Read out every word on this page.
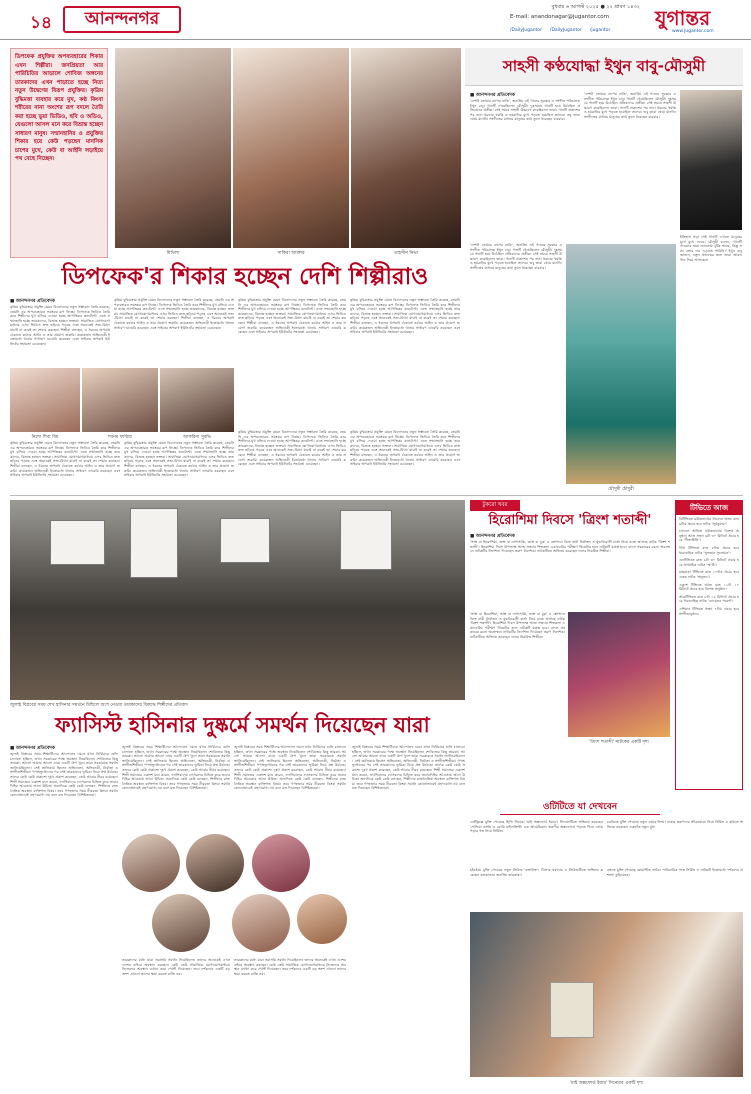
১৪	আনন্দনগর
বুধবার ৬ আগস্ট ২০২৫ ● ২২ শ্রাবণ ১৪৩২
E-mail: anandonagar@jugantor.com
/DailyJugantor /DailyJugantor /jugantor
যুগান্তর
www.jugantor.com
ডিপফেক প্রযুক্তির অপব্যবহারের শিকার এখন শিল্পীরা। জনপ্রিয়তা আর পারিচিতির আড়ালে শোবিজ অঙ্গনের তারকাদের এখন পাড়াতে হচ্ছে নিত্য নতুন উদ্বেগের বিরূপ প্রযুক্তির। কৃত্রিম বুদ্ধিমত্তা ব্যবহার করে মুখ, কণ্ঠ কিংবা শরীরের নানা অংশের রূপ বদলে তৈরি করা হচ্ছে ভুয়া ভিডিও, ছবি ও অডিও, যেগুলো আসল মনে করে বিভ্রান্ত হচ্ছেন সাধারণ মানুষ। সম্মানহানির ও প্রযুক্তির শিকার হয়ে কেউ পড়ছেন মানসিক চাপের মুখে, কেউ বা আইনি লড়াইয়ে পথ বেছে নিচ্ছেন।
মিথিলা	সাকিরা আক্তার	তাহসীন নিভা
ডিপফেক'র শিকার হচ্ছেন দেশি শিল্পীরাও
■ আনন্দনগর প্রতিবেদক
কৃত্রিম বুদ্ধিমত্তার প্রযুক্তি যেমন বিনোদনের নতুন সম্ভাবনা তৈরি করেছে, তেমনি এর অপব্যবহারও ভয়ংকর রূপ নিচ্ছে। ডিপফেক ভিডিও তৈরি করে শিল্পীদের মুখ বসিয়ে দেওয়া হচ্ছে আপত্তিকর কনটেন্টে। এতে সম্মানহানি হচ্ছে তারকাদের, বিভ্রান্ত হচ্ছেন ভক্তরা। সামাজিক যোগাযোগমাধ্যমে এসব ভিডিও দ্রুত ছড়িয়ে পড়ছে এবং অনেকেই সত্য-মিথ্যা যাচাই না করেই তা শেয়ার করছেন। শিল্পীরা বলছেন, এ ধরনের অপরাধ ঠেকাতে কঠোর আইন ও তার প্রয়োগ জরুরি। কয়েকজন অভিনেত্রী ইতোমধ্যে থানায় সাধারণ ডায়েরি করেছেন এবং সাইবার অপরাধ ইউনিটের সহায়তা চেয়েছেন।
কৃত্রিম বুদ্ধিমত্তার প্রযুক্তি যেমন বিনোদনের নতুন সম্ভাবনা তৈরি করেছে, তেমনি এর অপব্যবহারও ভয়ংকর রূপ নিচ্ছে। ডিপফেক ভিডিও তৈরি করে শিল্পীদের মুখ বসিয়ে দেওয়া হচ্ছে আপত্তিকর কনটেন্টে। এতে সম্মানহানি হচ্ছে তারকাদের, বিভ্রান্ত হচ্ছেন ভক্তরা। সামাজিক যোগাযোগমাধ্যমে এসব ভিডিও দ্রুত ছড়িয়ে পড়ছে এবং অনেকেই সত্য-মিথ্যা যাচাই না করেই তা শেয়ার করছেন। শিল্পীরা বলছেন, এ ধরনের অপরাধ ঠেকাতে কঠোর আইন ও তার প্রয়োগ জরুরি। কয়েকজন অভিনেত্রী ইতোমধ্যে থানায় সাধারণ ডায়েরি করেছেন এবং সাইবার অপরাধ ইউনিটের সহায়তা চেয়েছেন।
কৃত্রিম বুদ্ধিমত্তার প্রযুক্তি যেমন বিনোদনের নতুন সম্ভাবনা তৈরি করেছে, তেমনি এর অপব্যবহারও ভয়ংকর রূপ নিচ্ছে। ডিপফেক ভিডিও তৈরি করে শিল্পীদের মুখ বসিয়ে দেওয়া হচ্ছে আপত্তিকর কনটেন্টে। এতে সম্মানহানি হচ্ছে তারকাদের, বিভ্রান্ত হচ্ছেন ভক্তরা। সামাজিক যোগাযোগমাধ্যমে এসব ভিডিও দ্রুত ছড়িয়ে পড়ছে এবং অনেকেই সত্য-মিথ্যা যাচাই না করেই তা শেয়ার করছেন। শিল্পীরা বলছেন, এ ধরনের অপরাধ ঠেকাতে কঠোর আইন ও তার প্রয়োগ জরুরি। কয়েকজন অভিনেত্রী ইতোমধ্যে থানায় সাধারণ ডায়েরি করেছেন এবং সাইবার অপরাধ ইউনিটের সহায়তা চেয়েছেন।
কৃত্রিম বুদ্ধিমত্তার প্রযুক্তি যেমন বিনোদনের নতুন সম্ভাবনা তৈরি করেছে, তেমনি এর অপব্যবহারও ভয়ংকর রূপ নিচ্ছে। ডিপফেক ভিডিও তৈরি করে শিল্পীদের মুখ বসিয়ে দেওয়া হচ্ছে আপত্তিকর কনটেন্টে। এতে সম্মানহানি হচ্ছে তারকাদের, বিভ্রান্ত হচ্ছেন ভক্তরা। সামাজিক যোগাযোগমাধ্যমে এসব ভিডিও দ্রুত ছড়িয়ে পড়ছে এবং অনেকেই সত্য-মিথ্যা যাচাই না করেই তা শেয়ার করছেন। শিল্পীরা বলছেন, এ ধরনের অপরাধ ঠেকাতে কঠোর আইন ও তার প্রয়োগ জরুরি। কয়েকজন অভিনেত্রী ইতোমধ্যে থানায় সাধারণ ডায়েরি করেছেন এবং সাইবার অপরাধ ইউনিটের সহায়তা চেয়েছেন।
নিশো শিবা বিয়	শবনম ফারিয়া	আফরিনা সুরভি
কৃত্রিম বুদ্ধিমত্তার প্রযুক্তি যেমন বিনোদনের নতুন সম্ভাবনা তৈরি করেছে, তেমনি এর অপব্যবহারও ভয়ংকর রূপ নিচ্ছে। ডিপফেক ভিডিও তৈরি করে শিল্পীদের মুখ বসিয়ে দেওয়া হচ্ছে আপত্তিকর কনটেন্টে। এতে সম্মানহানি হচ্ছে তারকাদের, বিভ্রান্ত হচ্ছেন ভক্তরা। সামাজিক যোগাযোগমাধ্যমে এসব ভিডিও দ্রুত ছড়িয়ে পড়ছে এবং অনেকেই সত্য-মিথ্যা যাচাই না করেই তা শেয়ার করছেন। শিল্পীরা বলছেন, এ ধরনের অপরাধ ঠেকাতে কঠোর আইন ও তার প্রয়োগ জরুরি। কয়েকজন অভিনেত্রী ইতোমধ্যে থানায় সাধারণ ডায়েরি করেছেন এবং সাইবার অপরাধ ইউনিটের সহায়তা চেয়েছেন।
কৃত্রিম বুদ্ধিমত্তার প্রযুক্তি যেমন বিনোদনের নতুন সম্ভাবনা তৈরি করেছে, তেমনি এর অপব্যবহারও ভয়ংকর রূপ নিচ্ছে। ডিপফেক ভিডিও তৈরি করে শিল্পীদের মুখ বসিয়ে দেওয়া হচ্ছে আপত্তিকর কনটেন্টে। এতে সম্মানহানি হচ্ছে তারকাদের, বিভ্রান্ত হচ্ছেন ভক্তরা। সামাজিক যোগাযোগমাধ্যমে এসব ভিডিও দ্রুত ছড়িয়ে পড়ছে এবং অনেকেই সত্য-মিথ্যা যাচাই না করেই তা শেয়ার করছেন। শিল্পীরা বলছেন, এ ধরনের অপরাধ ঠেকাতে কঠোর আইন ও তার প্রয়োগ জরুরি। কয়েকজন অভিনেত্রী ইতোমধ্যে থানায় সাধারণ ডায়েরি করেছেন এবং সাইবার অপরাধ ইউনিটের সহায়তা চেয়েছেন।
কৃত্রিম বুদ্ধিমত্তার প্রযুক্তি যেমন বিনোদনের নতুন সম্ভাবনা তৈরি করেছে, তেমনি এর অপব্যবহারও ভয়ংকর রূপ নিচ্ছে। ডিপফেক ভিডিও তৈরি করে শিল্পীদের মুখ বসিয়ে দেওয়া হচ্ছে আপত্তিকর কনটেন্টে। এতে সম্মানহানি হচ্ছে তারকাদের, বিভ্রান্ত হচ্ছেন ভক্তরা। সামাজিক যোগাযোগমাধ্যমে এসব ভিডিও দ্রুত ছড়িয়ে পড়ছে এবং অনেকেই সত্য-মিথ্যা যাচাই না করেই তা শেয়ার করছেন। শিল্পীরা বলছেন, এ ধরনের অপরাধ ঠেকাতে কঠোর আইন ও তার প্রয়োগ জরুরি। কয়েকজন অভিনেত্রী ইতোমধ্যে থানায় সাধারণ ডায়েরি করেছেন এবং সাইবার অপরাধ ইউনিটের সহায়তা চেয়েছেন।
কৃত্রিম বুদ্ধিমত্তার প্রযুক্তি যেমন বিনোদনের নতুন সম্ভাবনা তৈরি করেছে, তেমনি এর অপব্যবহারও ভয়ংকর রূপ নিচ্ছে। ডিপফেক ভিডিও তৈরি করে শিল্পীদের মুখ বসিয়ে দেওয়া হচ্ছে আপত্তিকর কনটেন্টে। এতে সম্মানহানি হচ্ছে তারকাদের, বিভ্রান্ত হচ্ছেন ভক্তরা। সামাজিক যোগাযোগমাধ্যমে এসব ভিডিও দ্রুত ছড়িয়ে পড়ছে এবং অনেকেই সত্য-মিথ্যা যাচাই না করেই তা শেয়ার করছেন। শিল্পীরা বলছেন, এ ধরনের অপরাধ ঠেকাতে কঠোর আইন ও তার প্রয়োগ জরুরি। কয়েকজন অভিনেত্রী ইতোমধ্যে থানায় সাধারণ ডায়েরি করেছেন এবং সাইবার অপরাধ ইউনিটের সহায়তা চেয়েছেন।
সাহসী কণ্ঠযোদ্ধা ইথুন বাবু-মৌসুমী
■ আনন্দনগর প্রতিবেদক
'দেশটা তোমার বাপের নাকি', জনপ্রিয় এই গানের সুরকার ও সংগীত পরিচালক ইথুন বাবু। গানটি গেয়েছিলেন মৌসুমী। দুঃসময়ে গানটি হয়ে উঠেছিল প্রতিবাদের প্রতীক। সেই সময়ে সাহসী উচ্চারণ করেছিলেন তারা। গানটি প্রকাশের পর নানা ধরনের হুমকি ও হয়রানির মুখে পড়তে হয়েছিল তাদের। তবু তারা থেমে যাননি। সংগীতের মাধ্যমে মানুষের কথা তুলে ধরেছেন বারবার।
'দেশটা তোমার বাপের নাকি', জনপ্রিয় এই গানের সুরকার ও সংগীত পরিচালক ইথুন বাবু। গানটি গেয়েছিলেন মৌসুমী। দুঃসময়ে গানটি হয়ে উঠেছিল প্রতিবাদের প্রতীক। সেই সময়ে সাহসী উচ্চারণ করেছিলেন তারা। গানটি প্রকাশের পর নানা ধরনের হুমকি ও হয়রানির মুখে পড়তে হয়েছিল তাদের। তবু তারা থেমে যাননি। সংগীতের মাধ্যমে মানুষের কথা তুলে ধরেছেন বারবার।
'দেশটা তোমার বাপের নাকি', জনপ্রিয় এই গানের সুরকার ও সংগীত পরিচালক ইথুন বাবু। গানটি গেয়েছিলেন মৌসুমী। দুঃসময়ে গানটি হয়ে উঠেছিল প্রতিবাদের প্রতীক। সেই সময়ে সাহসী উচ্চারণ করেছিলেন তারা। গানটি প্রকাশের পর নানা ধরনের হুমকি ও হয়রানির মুখে পড়তে হয়েছিল তাদের। তবু তারা থেমে যাননি। সংগীতের মাধ্যমে মানুষের কথা তুলে ধরেছেন বারবার।
মৌসুমী চৌধুরী
ইতিহাস গড়া সেই গানটি এখনো মানুষের মুখে মুখে ফেরে। মৌসুমী বলেন, 'গানটি গাওয়ার সময় জানতাম ঝুঁকি আছে, কিন্তু সত্য বলার দায় এড়াতে পারিনি।' ইথুন বাবু জানান, নতুন প্রজন্মের জন্য তারা আরও গান নিয়ে আসছেন।
জুলাই বিপ্লবের সময় শেখ হাসিনার সমর্থনে মিছিলে অংশ নেওয়া তারকাদের বিরুদ্ধে শিল্পীদের প্রতিবাদ
ফ্যাসিস্ট হাসিনার দুষ্কর্মে সমর্থন দিয়েছেন যারা
■ আনন্দনগর প্রতিবেদক
জুলাই বিপ্লবের সময় শিক্ষার্থীদের আন্দোলন দমনে যখন নির্বিচারে গুলি চালানো হচ্ছিল, তখন সরকারের পক্ষে অবস্থান নিয়েছিলেন শোবিজের কিছু তারকা। আলো আমার আলো নামে একটি গ্রুপ খুলে তারা সরকারকে সমর্থন জানিয়েছিলেন। সেই তালিকায় ছিলেন অভিনেতা, অভিনেত্রী, নির্মাতা ও সংগীতশিল্পীরা। গণঅভ্যুত্থানের পর সেই তারকাদের ভূমিকা নিয়ে প্রশ্ন উঠেছে। তাদের কেউ কেউ প্রকাশ্যে দুঃখ প্রকাশ করেছেন, কেউ আবার নীরব রয়েছেন। শিল্পী সমাজের একাংশ মনে করেন, ফ্যাসিবাদের দোসরদের চিহ্নিত করে জবাবদিহির আওতায় আনা উচিত। অন্যদিকে কেউ কেউ বলছেন, শিল্পীদের রাজনৈতিক অবস্থান ব্যক্তিগত বিষয়। তবে গণহত্যার সময় নীরবতা কিংবা সমর্থন কোনোভাবেই গ্রহণযোগ্য নয় বলে মত দিয়েছেন বিশিষ্টজনরা।
জুলাই বিপ্লবের সময় শিক্ষার্থীদের আন্দোলন দমনে যখন নির্বিচারে গুলি চালানো হচ্ছিল, তখন সরকারের পক্ষে অবস্থান নিয়েছিলেন শোবিজের কিছু তারকা। আলো আমার আলো নামে একটি গ্রুপ খুলে তারা সরকারকে সমর্থন জানিয়েছিলেন। সেই তালিকায় ছিলেন অভিনেতা, অভিনেত্রী, নির্মাতা ও সংগীতশিল্পীরা। গণঅভ্যুত্থানের পর সেই তারকাদের ভূমিকা নিয়ে প্রশ্ন উঠেছে। তাদের কেউ কেউ প্রকাশ্যে দুঃখ প্রকাশ করেছেন, কেউ আবার নীরব রয়েছেন। শিল্পী সমাজের একাংশ মনে করেন, ফ্যাসিবাদের দোসরদের চিহ্নিত করে জবাবদিহির আওতায় আনা উচিত। অন্যদিকে কেউ কেউ বলছেন, শিল্পীদের রাজনৈতিক অবস্থান ব্যক্তিগত বিষয়। তবে গণহত্যার সময় নীরবতা কিংবা সমর্থন কোনোভাবেই গ্রহণযোগ্য নয় বলে মত দিয়েছেন বিশিষ্টজনরা।
তারকাদের মধ্যে যারা সরাসরি সমর্থন দিয়েছিলেন তাদের অনেকেই এখন দেশের বাইরে অবস্থান করছেন। কেউ কেউ সামাজিক যোগাযোগমাধ্যমে নিজেদের অবস্থান ব্যাখ্যা করে পোস্ট দিয়েছেন। তবে দর্শকদের একটি বড় অংশ এখনো তাদের ক্ষমা করতে রাজি নয়।
জুলাই বিপ্লবের সময় শিক্ষার্থীদের আন্দোলন দমনে যখন নির্বিচারে গুলি চালানো হচ্ছিল, তখন সরকারের পক্ষে অবস্থান নিয়েছিলেন শোবিজের কিছু তারকা। আলো আমার আলো নামে একটি গ্রুপ খুলে তারা সরকারকে সমর্থন জানিয়েছিলেন। সেই তালিকায় ছিলেন অভিনেতা, অভিনেত্রী, নির্মাতা ও সংগীতশিল্পীরা। গণঅভ্যুত্থানের পর সেই তারকাদের ভূমিকা নিয়ে প্রশ্ন উঠেছে। তাদের কেউ কেউ প্রকাশ্যে দুঃখ প্রকাশ করেছেন, কেউ আবার নীরব রয়েছেন। শিল্পী সমাজের একাংশ মনে করেন, ফ্যাসিবাদের দোসরদের চিহ্নিত করে জবাবদিহির আওতায় আনা উচিত। অন্যদিকে কেউ কেউ বলছেন, শিল্পীদের রাজনৈতিক অবস্থান ব্যক্তিগত বিষয়। তবে গণহত্যার সময় নীরবতা কিংবা সমর্থন কোনোভাবেই গ্রহণযোগ্য নয় বলে মত দিয়েছেন বিশিষ্টজনরা।
তারকাদের মধ্যে যারা সরাসরি সমর্থন দিয়েছিলেন তাদের অনেকেই এখন দেশের বাইরে অবস্থান করছেন। কেউ কেউ সামাজিক যোগাযোগমাধ্যমে নিজেদের অবস্থান ব্যাখ্যা করে পোস্ট দিয়েছেন। তবে দর্শকদের একটি বড় অংশ এখনো তাদের ক্ষমা করতে রাজি নয়।
জুলাই বিপ্লবের সময় শিক্ষার্থীদের আন্দোলন দমনে যখন নির্বিচারে গুলি চালানো হচ্ছিল, তখন সরকারের পক্ষে অবস্থান নিয়েছিলেন শোবিজের কিছু তারকা। আলো আমার আলো নামে একটি গ্রুপ খুলে তারা সরকারকে সমর্থন জানিয়েছিলেন। সেই তালিকায় ছিলেন অভিনেতা, অভিনেত্রী, নির্মাতা ও সংগীতশিল্পীরা। গণঅভ্যুত্থানের পর সেই তারকাদের ভূমিকা নিয়ে প্রশ্ন উঠেছে। তাদের কেউ কেউ প্রকাশ্যে দুঃখ প্রকাশ করেছেন, কেউ আবার নীরব রয়েছেন। শিল্পী সমাজের একাংশ মনে করেন, ফ্যাসিবাদের দোসরদের চিহ্নিত করে জবাবদিহির আওতায় আনা উচিত। অন্যদিকে কেউ কেউ বলছেন, শিল্পীদের রাজনৈতিক অবস্থান ব্যক্তিগত বিষয়। তবে গণহত্যার সময় নীরবতা কিংবা সমর্থন কোনোভাবেই গ্রহণযোগ্য নয় বলে মত দিয়েছেন বিশিষ্টজনরা।
টুকরো খবর
হিরোশিমা দিবসে 'ত্রিংশ শতাব্দী'
■ আনন্দনগর প্রতিবেদক
'তাম্র বা হিরোশিমা, তাম্র বা নাগাসাকি, তাম্র বা বুক' এ শ্লোগানে বিশ্বে নারী নির্যাতন ও যুদ্ধবিরোধী বার্তা নিয়ে মঞ্চে আসছে নাটক 'ত্রিংশ শতাব্দী'। হিরোশিমা দিবস উপলক্ষে আজ সন্ধ্যায় শিল্পকলা একাডেমির পরীক্ষণ থিয়েটার হলে নাটকটি মঞ্চস্থ হবে। বাদল সরকারের রচনা অবলম্বনে নাটকটির নির্দেশনা দিয়েছেন তরুণ নির্দেশক। নাটকটিতে অভিনয় করেছেন দলের নিয়মিত শিল্পীরা।
'তাম্র বা হিরোশিমা, তাম্র বা নাগাসাকি, তাম্র বা বুক' এ শ্লোগানে বিশ্বে নারী নির্যাতন ও যুদ্ধবিরোধী বার্তা নিয়ে মঞ্চে আসছে নাটক 'ত্রিংশ শতাব্দী'। হিরোশিমা দিবস উপলক্ষে আজ সন্ধ্যায় শিল্পকলা একাডেমির পরীক্ষণ থিয়েটার হলে নাটকটি মঞ্চস্থ হবে। বাদল সরকারের রচনা অবলম্বনে নাটকটির নির্দেশনা দিয়েছেন তরুণ নির্দেশক। নাটকটিতে অভিনয় করেছেন দলের নিয়মিত শিল্পীরা।
'ত্রিংশ শতাব্দী' নাটকের একটি দৃশ্য
টিভিতে আজ
বিটিভিতে রবীন্দ্রনাথের নিবেদন আজ রাত ৯টায় প্রচার হবে নাটক 'সূর্যকুমার'।
চ্যানেল আইতে রবীন্দ্রনাথের বিশেষ অনুষ্ঠান আজ সন্ধ্যা ৬টা ৩০ মিনিটে প্রচার হবে 'গীতাঞ্জলি'।
দীপ্ত টিভিতে রাত ৮টায় প্রচার হবে ধারাবাহিক নাটক 'সুলতান সুলেমান'।
এনটিভিতে রাত ৯টা ৩০ মিনিটে প্রচার হবে সাপ্তাহিক নাটক 'আমি'।
মাছরাঙা টিভিতে রাত ১০টায় প্রচার হবে একক নাটক 'অনুভব'।
একুশে টিভিতে আজ রাত ১১টা ১০ মিনিটে প্রচার হবে বিশেষ অনুষ্ঠান।
আরটিভিতে রাত ৮টা ১৫ মিনিটে প্রচার হবে ধারাবাহিক নাটক 'ব্যাচেলর পয়েন্ট'।
এশিয়ান টিভিতে সন্ধ্যা ৭টায় প্রচার হবে সংগীতানুষ্ঠান।
ওটিটিতে যা দেখবেন
নেটফ্লিক্সে মুক্তি পেয়েছে হিন্দি সিনেমা 'মাই অক্সফোর্ড ইয়ার'। সিনেমাটিতে অভিনয় করেছেন সোফিয়া কার্সন ও কোরি মাইলক্রিস্ট। এক আমেরিকান তরুণীর অক্সফোর্ডে পড়তে গিয়ে প্রেমে পড়ার গল্প নিয়ে নির্মিত।
হইচইয়ে মুক্তি পেয়েছে নতুন সিরিজ 'রক্তবীজ'। থ্রিলার ঘরানার এ সিরিজটিতে অভিনয় করেছেন কলকাতার জনপ্রিয় তারকারা।
চরকিতে মুক্তি পেয়েছে নতুন ওয়েব ফিল্ম। ঢাকার তরুণদের জীবনযাত্রা নিয়ে নির্মিত এ ছবিতে অভিনয় করেছেন একঝাঁক নতুন মুখ।
বঙ্গতে মুক্তি পেয়েছে রোমান্টিক নাটক। পারিবারিক গল্পে নির্মিত এ নাটকটি ইতোমধ্যে দর্শকদের প্রশংসা কুড়িয়েছে।
'মাই অক্সফোর্ড ইয়ার' সিনেমার একটি দৃশ্য
